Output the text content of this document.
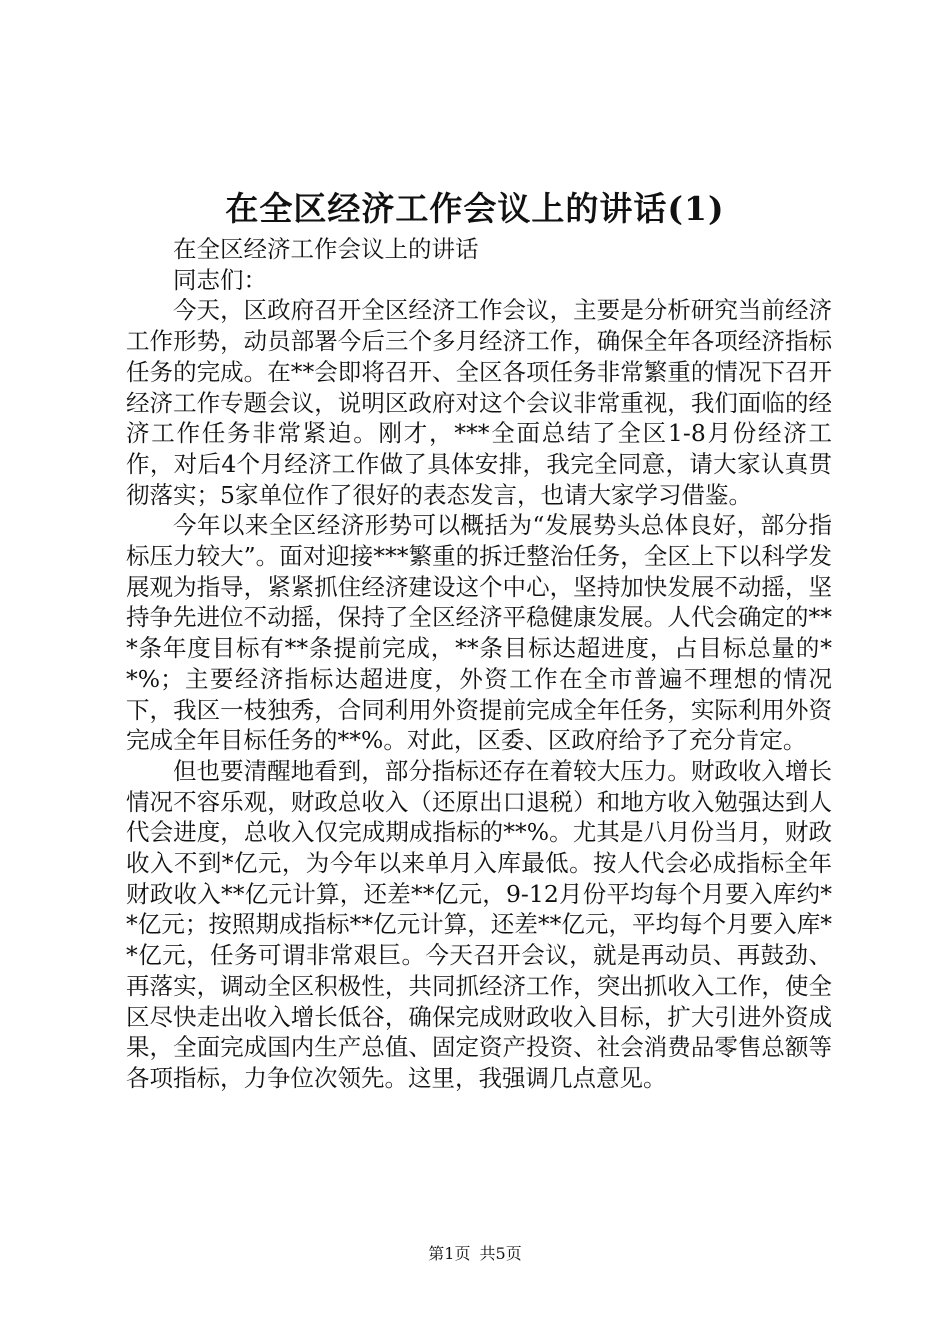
在全区经济工作会议上的讲话(1)

在全区经济工作会议上的讲话

同志们：

今天，区政府召开全区经济工作会议，主要是分析研究当前经济工作形势，动员部署今后三个多月经济工作，确保全年各项经济指标任务的完成。在**会即将召开、全区各项任务非常繁重的情况下召开经济工作专题会议，说明区政府对这个会议非常重视，我们面临的经济工作任务非常紧迫。刚才，***全面总结了全区1-8月份经济工作，对后4个月经济工作做了具体安排，我完全同意，请大家认真贯彻落实；5家单位作了很好的表态发言，也请大家学习借鉴。

今年以来全区经济形势可以概括为“发展势头总体良好，部分指标压力较大”。面对迎接***繁重的拆迁整治任务，全区上下以科学发展观为指导，紧紧抓住经济建设这个中心，坚持加快发展不动摇，坚持争先进位不动摇，保持了全区经济平稳健康发展。人代会确定的***条年度目标有**条提前完成，**条目标达超进度，占目标总量的**%；主要经济指标达超进度，外资工作在全市普遍不理想的情况下，我区一枝独秀，合同利用外资提前完成全年任务，实际利用外资完成全年目标任务的**%。对此，区委、区政府给予了充分肯定。

但也要清醒地看到，部分指标还存在着较大压力。财政收入增长情况不容乐观，财政总收入（还原出口退税）和地方收入勉强达到人代会进度，总收入仅完成期成指标的**%。尤其是八月份当月，财政收入不到*亿元，为今年以来单月入库最低。按人代会必成指标全年财政收入**亿元计算，还差**亿元，9-12月份平均每个月要入库约**亿元；按照期成指标**亿元计算，还差**亿元，平均每个月要入库**亿元，任务可谓非常艰巨。今天召开会议，就是再动员、再鼓劲、再落实，调动全区积极性，共同抓经济工作，突出抓收入工作，使全区尽快走出收入增长低谷，确保完成财政收入目标，扩大引进外资成果，全面完成国内生产总值、固定资产投资、社会消费品零售总额等各项指标，力争位次领先。这里，我强调几点意见。

第1页 共5页
